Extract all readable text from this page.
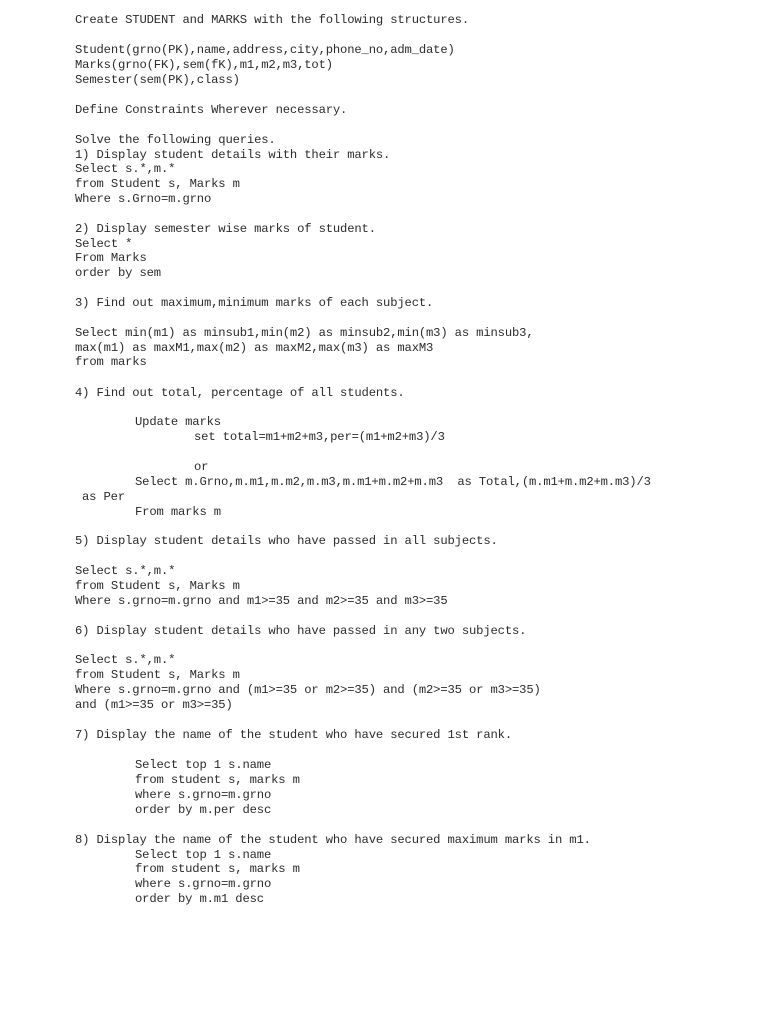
Create STUDENT and MARKS with the following structures.
Student(grno(PK),name,address,city,phone_no,adm_date)
Marks(grno(FK),sem(fK),m1,m2,m3,tot)
Semester(sem(PK),class)
Define Constraints Wherever necessary.
Solve the following queries.
1) Display student details with their marks.
Select s.*,m.*
from Student s, Marks m
Where s.Grno=m.grno
2) Display semester wise marks of student.
Select *
From Marks
order by sem
3) Find out maximum,minimum marks of each subject.
Select min(m1) as minsub1,min(m2) as minsub2,min(m3) as minsub3,
max(m1) as maxM1,max(m2) as maxM2,max(m3) as maxM3
from marks
4) Find out total, percentage of all students.
Update marks
set total=m1+m2+m3,per=(m1+m2+m3)/3
or
Select m.Grno,m.m1,m.m2,m.m3,m.m1+m.m2+m.m3  as Total,(m.m1+m.m2+m.m3)/3
as Per
From marks m
5) Display student details who have passed in all subjects.
Select s.*,m.*
from Student s, Marks m
Where s.grno=m.grno and m1>=35 and m2>=35 and m3>=35
6) Display student details who have passed in any two subjects.
Select s.*,m.*
from Student s, Marks m
Where s.grno=m.grno and (m1>=35 or m2>=35) and (m2>=35 or m3>=35)
and (m1>=35 or m3>=35)
7) Display the name of the student who have secured 1st rank.
Select top 1 s.name
from student s, marks m
where s.grno=m.grno
order by m.per desc
8) Display the name of the student who have secured maximum marks in m1.
Select top 1 s.name
from student s, marks m
where s.grno=m.grno
order by m.m1 desc
